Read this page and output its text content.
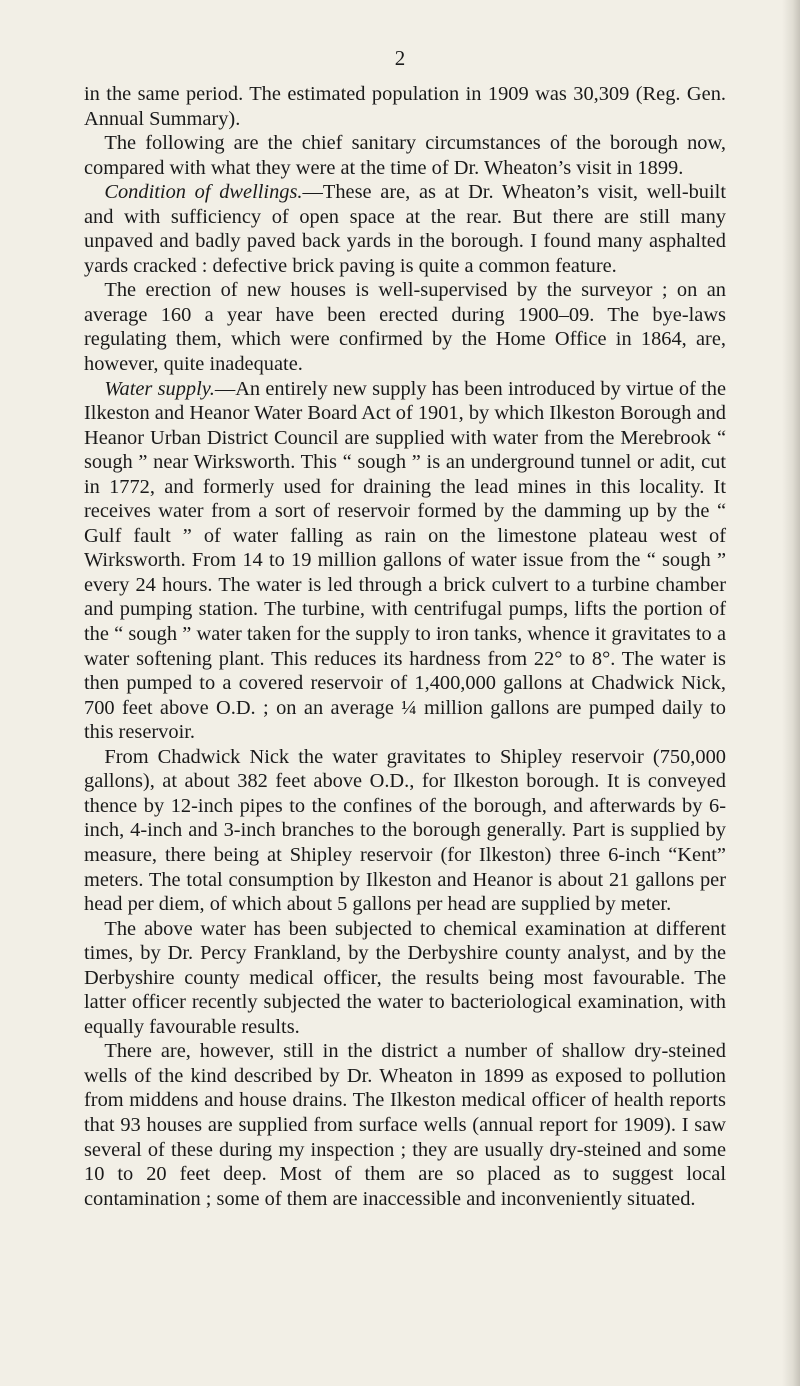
2

in the same period. The estimated population in 1909 was 30,309 (Reg. Gen. Annual Summary).

The following are the chief sanitary circumstances of the borough now, compared with what they were at the time of Dr. Wheaton’s visit in 1899.

Condition of dwellings.—These are, as at Dr. Wheaton’s visit, well-built and with sufficiency of open space at the rear. But there are still many unpaved and badly paved back yards in the borough. I found many asphalted yards cracked : defective brick paving is quite a common feature.

The erection of new houses is well-supervised by the surveyor ; on an average 160 a year have been erected during 1900–09. The bye-laws regulating them, which were confirmed by the Home Office in 1864, are, however, quite inadequate.

Water supply.—An entirely new supply has been introduced by virtue of the Ilkeston and Heanor Water Board Act of 1901, by which Ilkeston Borough and Heanor Urban District Council are supplied with water from the Merebrook “ sough ” near Wirksworth. This “ sough ” is an underground tunnel or adit, cut in 1772, and formerly used for draining the lead mines in this locality. It receives water from a sort of reservoir formed by the damming up by the “ Gulf fault ” of water falling as rain on the limestone plateau west of Wirksworth. From 14 to 19 million gallons of water issue from the “ sough ” every 24 hours. The water is led through a brick culvert to a turbine chamber and pumping station. The turbine, with centrifugal pumps, lifts the portion of the “ sough ” water taken for the supply to iron tanks, whence it gravitates to a water softening plant. This reduces its hardness from 22° to 8°. The water is then pumped to a covered reservoir of 1,400,000 gallons at Chadwick Nick, 700 feet above O.D. ; on an average ¼ million gallons are pumped daily to this reservoir.

From Chadwick Nick the water gravitates to Shipley reservoir (750,000 gallons), at about 382 feet above O.D., for Ilkeston borough. It is conveyed thence by 12-inch pipes to the confines of the borough, and afterwards by 6-inch, 4-inch and 3-inch branches to the borough generally. Part is supplied by measure, there being at Shipley reservoir (for Ilkeston) three 6-inch “Kent” meters. The total consumption by Ilkeston and Heanor is about 21 gallons per head per diem, of which about 5 gallons per head are supplied by meter.

The above water has been subjected to chemical examination at different times, by Dr. Percy Frankland, by the Derbyshire county analyst, and by the Derbyshire county medical officer, the results being most favourable. The latter officer recently subjected the water to bacteriological examination, with equally favourable results.

There are, however, still in the district a number of shallow dry-steined wells of the kind described by Dr. Wheaton in 1899 as exposed to pollution from middens and house drains. The Ilkeston medical officer of health reports that 93 houses are supplied from surface wells (annual report for 1909). I saw several of these during my inspection ; they are usually dry-steined and some 10 to 20 feet deep. Most of them are so placed as to suggest local contamination ; some of them are inaccessible and inconveniently situated.
